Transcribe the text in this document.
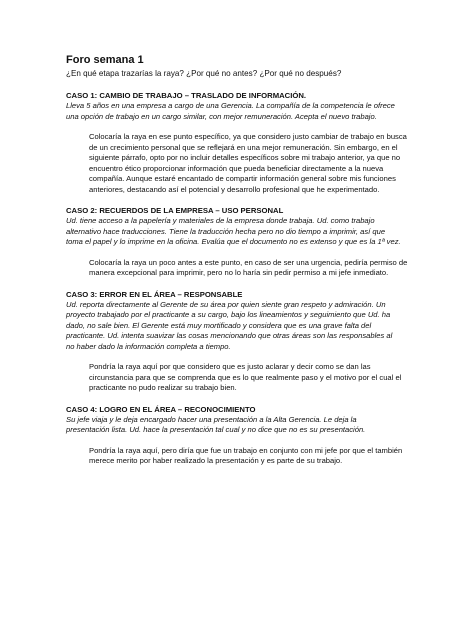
Foro semana 1

¿En qué etapa trazarías la raya? ¿Por qué no antes? ¿Por qué no después?

CASO 1: CAMBIO DE TRABAJO – TRASLADO DE INFORMACIÓN.

Lleva 5 años en una empresa a cargo de una Gerencia. La compañía de la competencia le ofrece una opción de trabajo en un cargo similar, con mejor remuneración. Acepta el nuevo trabajo.

Colocaría la raya en ese punto específico, ya que considero justo cambiar de trabajo en busca de un crecimiento personal que se reflejará en una mejor remuneración. Sin embargo, en el siguiente párrafo, opto por no incluir detalles específicos sobre mi trabajo anterior, ya que no encuentro ético proporcionar información que pueda beneficiar directamente a la nueva compañía. Aunque estaré encantado de compartir información general sobre mis funciones anteriores, destacando así el potencial y desarrollo profesional que he experimentado.

CASO 2: RECUERDOS DE LA EMPRESA – USO PERSONAL

Ud. tiene acceso a la papelería y materiales de la empresa donde trabaja. Ud. como trabajo alternativo hace traducciones. Tiene la traducción hecha pero no dio tiempo a imprimir, así que toma el papel y lo imprime en la oficina. Evalúa que el documento no es extenso y que es la 1ª vez.

Colocaría la raya un poco antes a este punto, en caso de ser una urgencia, pediría permiso de manera excepcional para imprimir, pero no lo haría sin pedir permiso a mi jefe inmediato.

CASO 3: ERROR EN EL ÁREA – RESPONSABLE

Ud. reporta directamente al Gerente de su área por quien siente gran respeto y admiración. Un proyecto trabajado por el practicante a su cargo, bajo los lineamientos y seguimiento que Ud. ha dado, no sale bien. El Gerente está muy mortificado y considera que es una grave falta del practicante. Ud. intenta suavizar las cosas mencionando que otras áreas son las responsables al no haber dado la información completa a tiempo.

Pondría la raya aquí por que considero que es justo aclarar y decir como se dan las circunstancia para que se comprenda que es lo que realmente paso y el motivo por el cual el practicante no pudo realizar su trabajo bien.

CASO 4: LOGRO EN EL ÁREA – RECONOCIMIENTO

Su jefe viaja y le deja encargado hacer una presentación a la Alta Gerencia. Le deja la presentación lista. Ud. hace la presentación tal cual y no dice que no es su presentación.

Pondría la raya aquí, pero diría que fue un trabajo en conjunto con mi jefe por que el también merece merito por haber realizado la presentación y es parte de su trabajo.
